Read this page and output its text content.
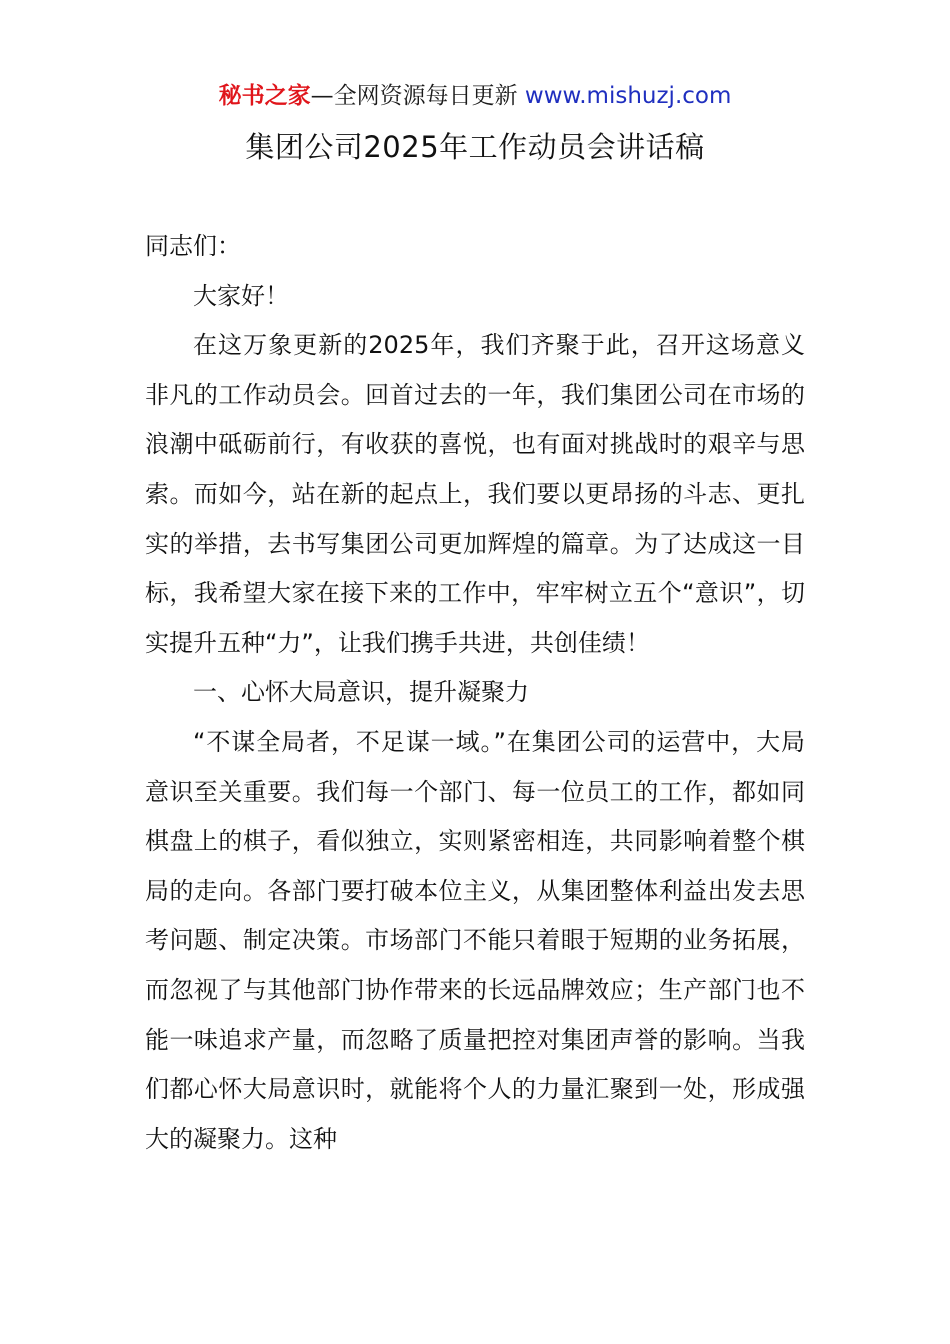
秘书之家—全网资源每日更新 www.mishuzj.com
集团公司2025年工作动员会讲话稿

同志们：

大家好！

在这万象更新的2025年，我们齐聚于此，召开这场意义非凡的工作动员会。回首过去的一年，我们集团公司在市场的浪潮中砥砺前行，有收获的喜悦，也有面对挑战时的艰辛与思索。而如今，站在新的起点上，我们要以更昂扬的斗志、更扎实的举措，去书写集团公司更加辉煌的篇章。为了达成这一目标，我希望大家在接下来的工作中，牢牢树立五个“意识”，切实提升五种“力”，让我们携手共进，共创佳绩！

一、心怀大局意识，提升凝聚力

“不谋全局者，不足谋一域。”在集团公司的运营中，大局意识至关重要。我们每一个部门、每一位员工的工作，都如同棋盘上的棋子，看似独立，实则紧密相连，共同影响着整个棋局的走向。各部门要打破本位主义，从集团整体利益出发去思考问题、制定决策。市场部门不能只着眼于短期的业务拓展，而忽视了与其他部门协作带来的长远品牌效应；生产部门也不能一味追求产量，而忽略了质量把控对集团声誉的影响。当我们都心怀大局意识时，就能将个人的力量汇聚到一处，形成强大的凝聚力。这种
